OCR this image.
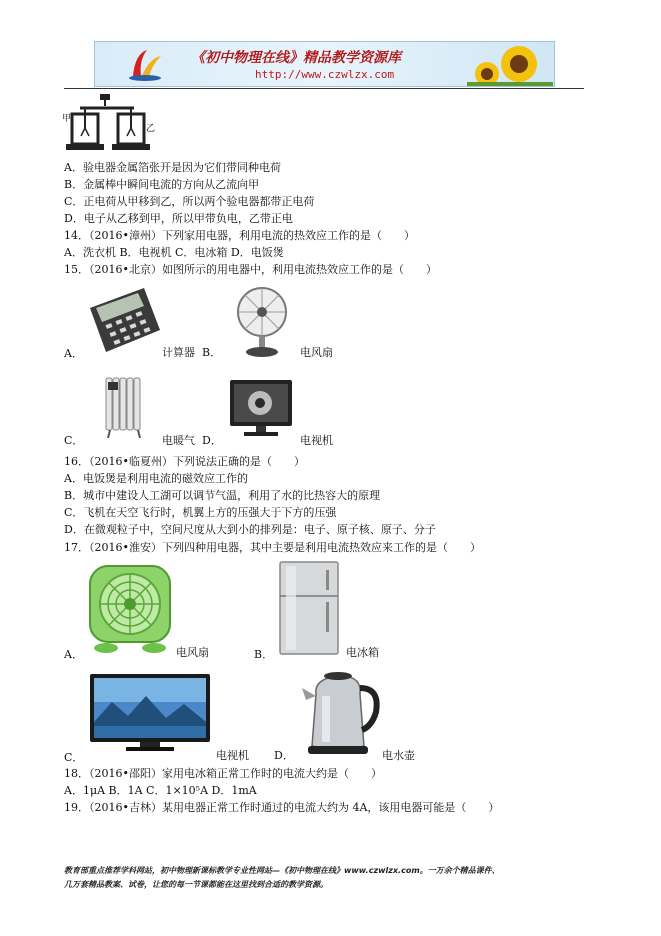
《初中物理在线》精品教学资源库
http://www.czwlzx.com
甲
乙
A．验电器金属箔张开是因为它们带同种电荷
B．金属棒中瞬间电流的方向从乙流向甲
C．正电荷从甲移到乙，所以两个验电器都带正电荷
D．电子从乙移到甲，所以甲带负电，乙带正电
14．（2016•漳州）下列家用电器，利用电流的热效应工作的是（　　）
A．洗衣机 B．电视机 C．电冰箱 D．电饭煲
15．（2016•北京）如图所示的用电器中，利用电流热效应工作的是（　　）
A．	计算器 B．	电风扇
C．	电暖气 D．	电视机
16．（2016•临夏州）下列说法正确的是（　　）
A．电饭煲是利用电流的磁效应工作的
B．城市中建设人工湖可以调节气温，利用了水的比热容大的原理
C．飞机在天空飞行时，机翼上方的压强大于下方的压强
D．在微观粒子中，空间尺度从大到小的排列是：电子、原子核、原子、分子
17．（2016•淮安）下列四种用电器，其中主要是利用电流热效应来工作的是（　　）
A．	电风扇	B．	电冰箱
C．	电视机 D．	电水壶
18．（2016•邵阳）家用电冰箱正常工作时的电流大约是（　　）
A．1μA B．1A C．1×10⁵A D．1mA
19．（2016•吉林）某用电器正常工作时通过的电流大约为 4A，该用电器可能是（　　）
教育部重点推荐学科网站，初中物理新课标教学专业性网站—《初中物理在线》www.czwlzx.com。一万余个精品课件、
几万套精品教案、试卷，让您的每一节课都能在这里找到合适的教学资源。
